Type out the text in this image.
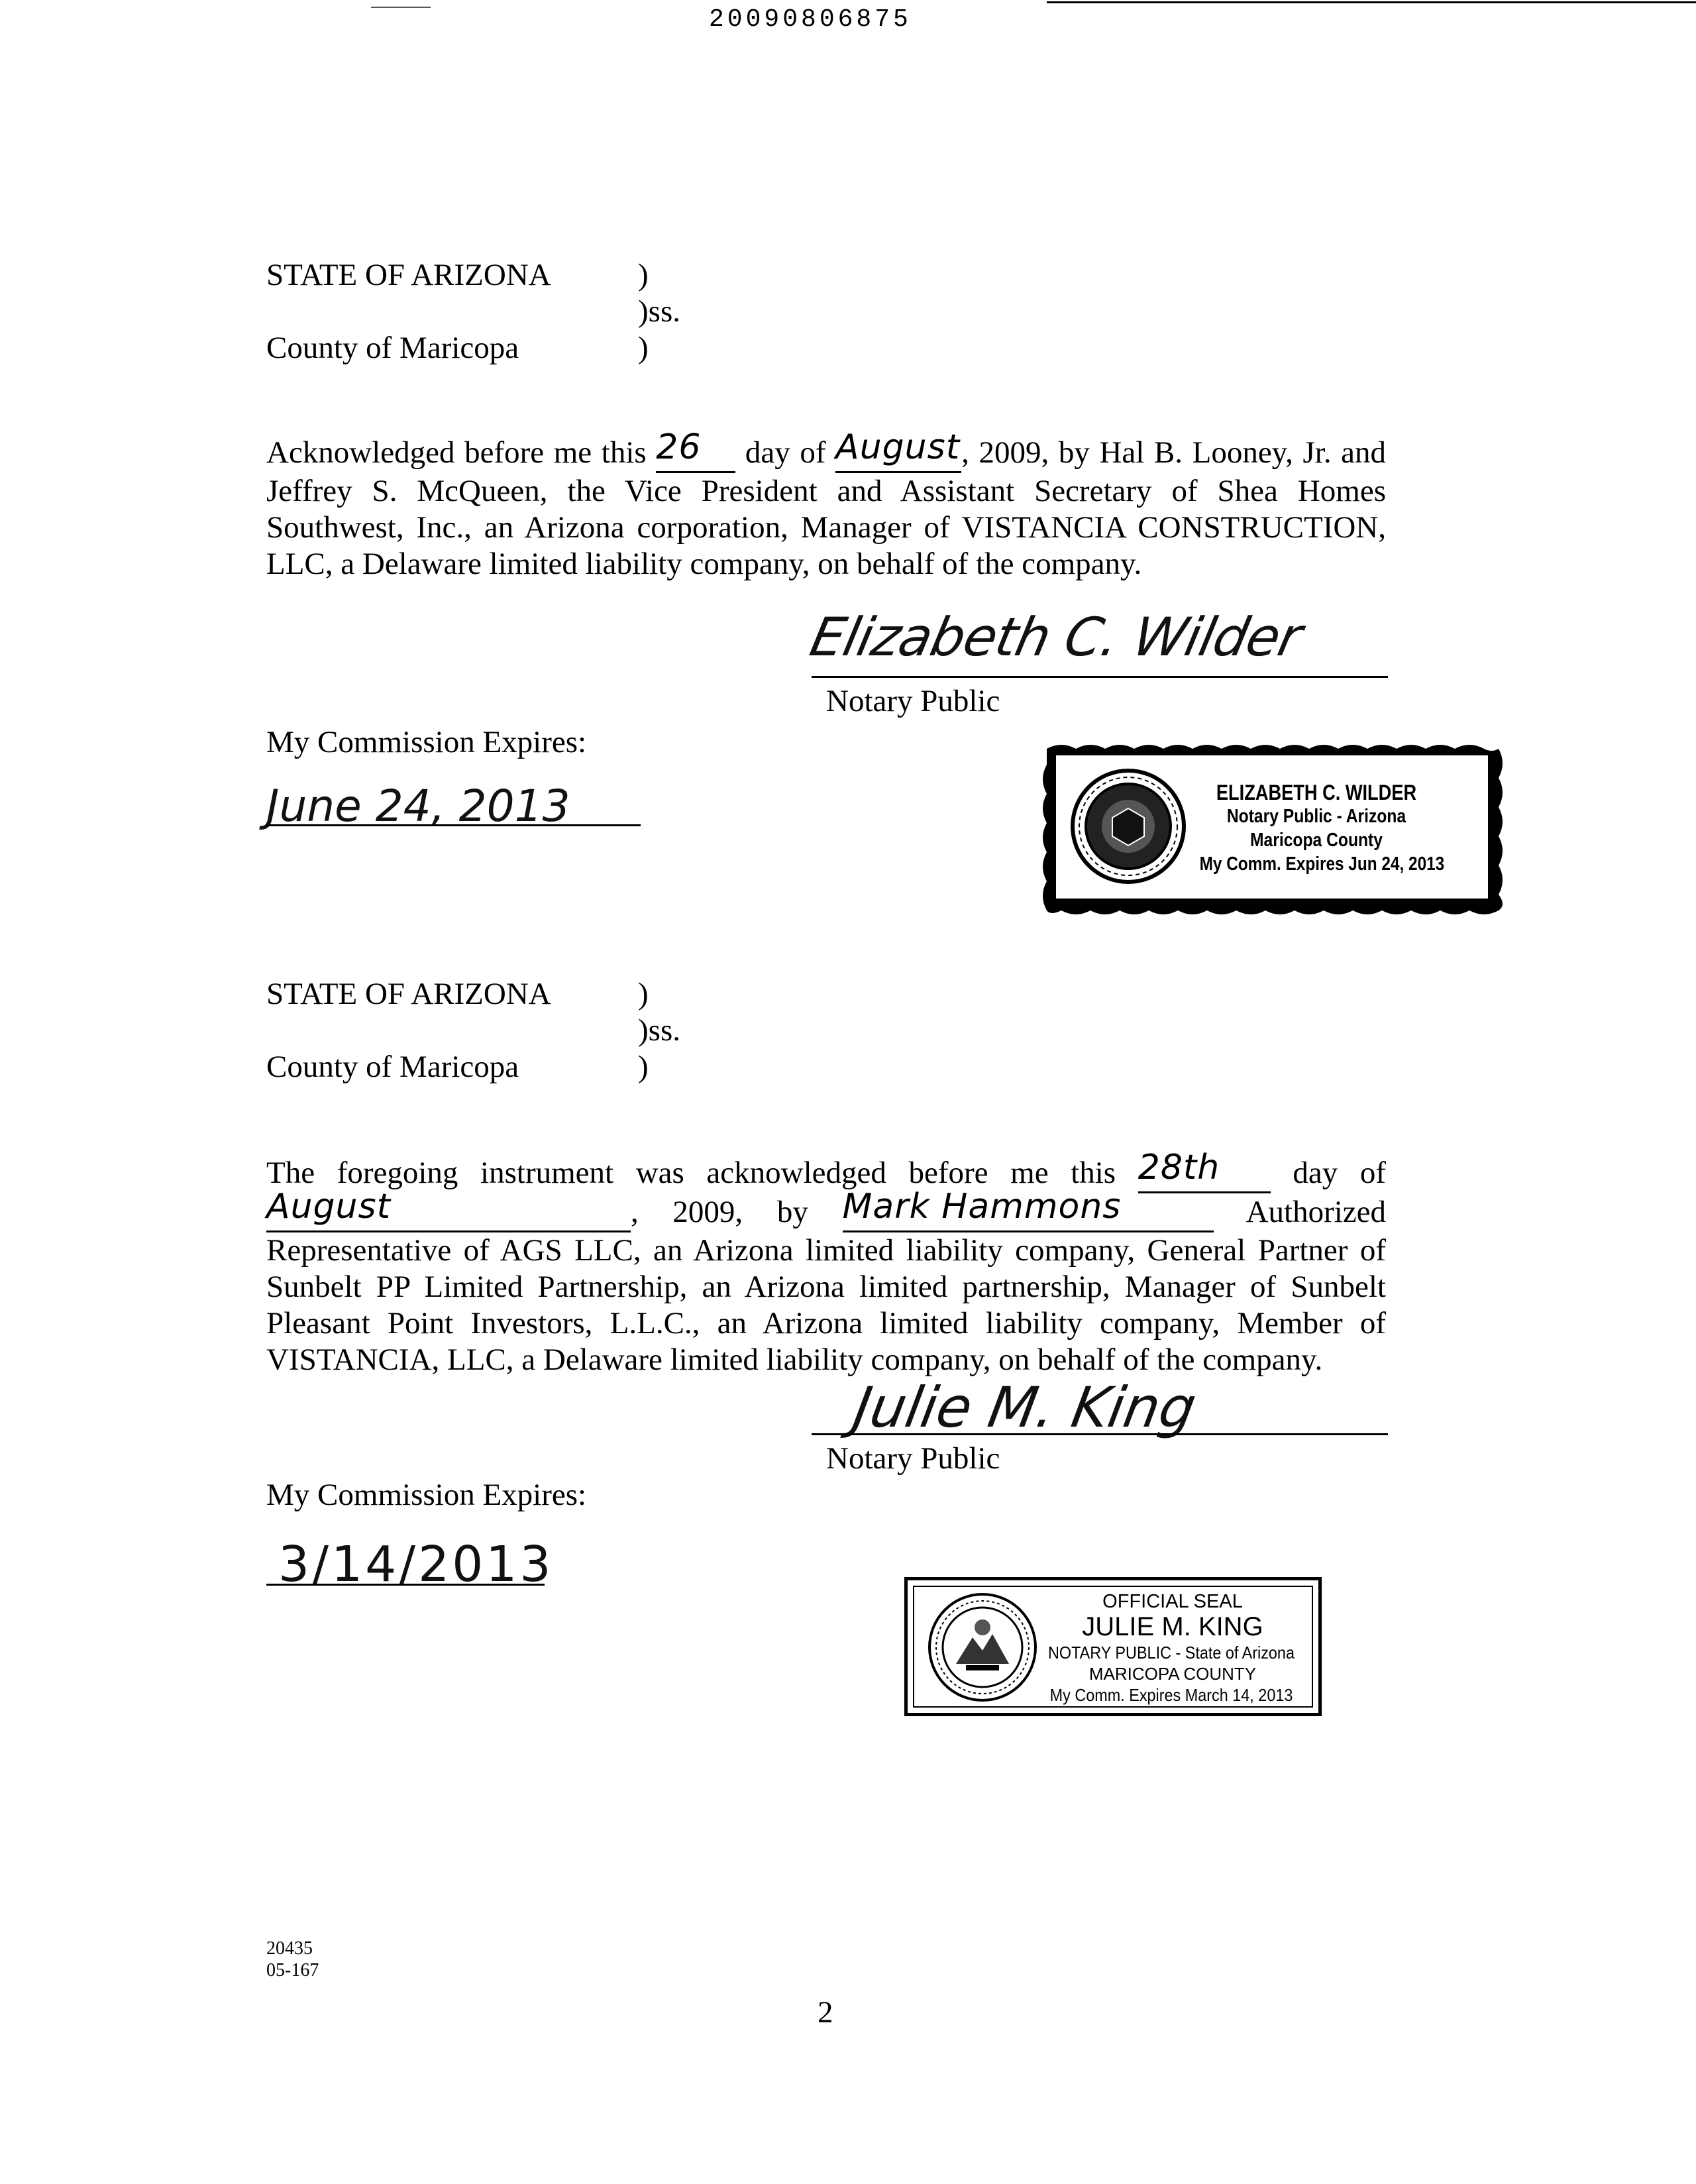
20090806875
STATE OF ARIZONA
County of Maricopa
)
)ss.
)
Acknowledged before me this 26 day of August, 2009, by Hal B. Looney, Jr. and Jeffrey S. McQueen, the Vice President and Assistant Secretary of Shea Homes Southwest, Inc., an Arizona corporation, Manager of VISTANCIA CONSTRUCTION, LLC, a Delaware limited liability company, on behalf of the company.
Elizabeth C. Wilder
Notary Public
My Commission Expires:
June 24, 2013	ELIZABETH C. WILDER
Notary Public - Arizona
Maricopa County
My Comm. Expires Jun 24, 2013
STATE OF ARIZONA
County of Maricopa
)
)ss.
)
The foregoing instrument was acknowledged before me this 28th day of August	, 2009, by Mark Hammons	Authorized Representative of AGS LLC, an Arizona limited liability company, General Partner of Sunbelt PP Limited Partnership, an Arizona limited partnership, Manager of Sunbelt Pleasant Point Investors, L.L.C., an Arizona limited liability company, Member of VISTANCIA, LLC, a Delaware limited liability company, on behalf of the company.
Julie M. King
Notary Public
My Commission Expires:
3/14/2013
OFFICIAL SEAL
JULIE M. KING
NOTARY PUBLIC - State of Arizona
MARICOPA COUNTY
My Comm. Expires March 14, 2013
20435
05-167
2
